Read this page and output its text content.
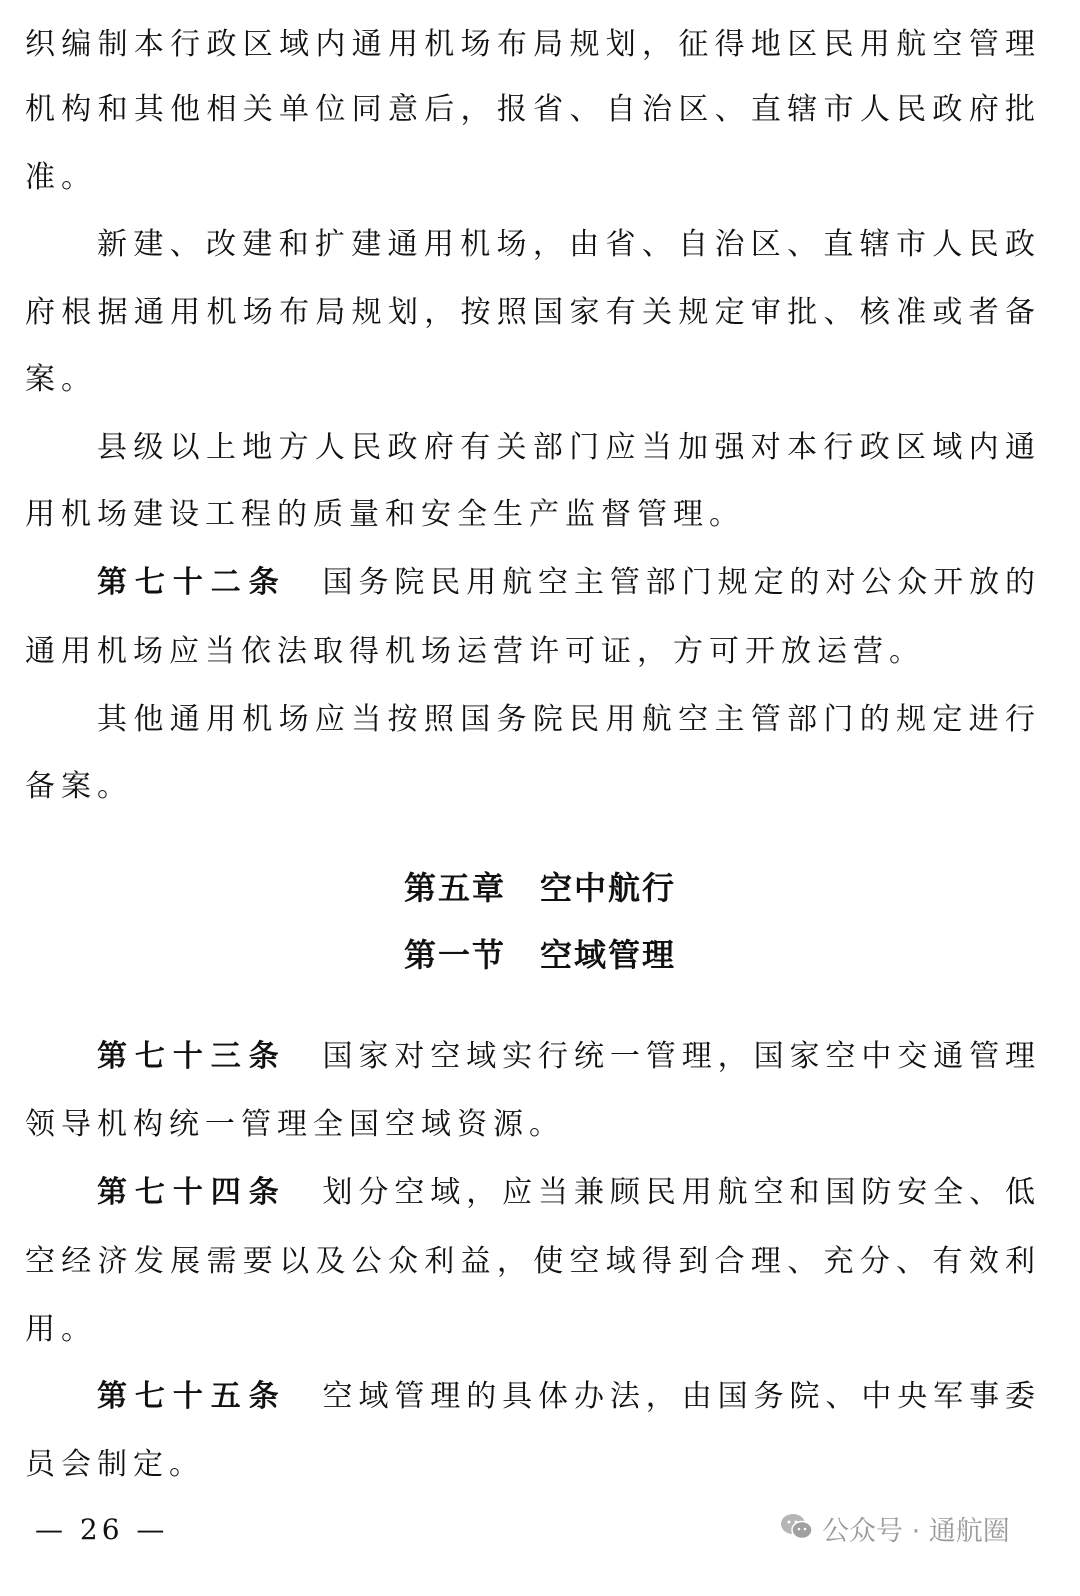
织编制本行政区域内通用机场布局规划，征得地区民用航空管理
机构和其他相关单位同意后，报省、自治区、直辖市人民政府批
准。
新建、改建和扩建通用机场，由省、自治区、直辖市人民政
府根据通用机场布局规划，按照国家有关规定审批、核准或者备
案。
县级以上地方人民政府有关部门应当加强对本行政区域内通
用机场建设工程的质量和安全生产监督管理。
第七十二条　 国务院民用航空主管部门规定的对公众开放的
通用机场应当依法取得机场运营许可证，方可开放运营。
其他通用机场应当按照国务院民用航空主管部门的规定进行
备案。
第五章　空中航行
第一节　空域管理
第七十三条　 国家对空域实行统一管理，国家空中交通管理
领导机构统一管理全国空域资源。
第七十四条　 划分空域，应当兼顾民用航空和国防安全、低
空经济发展需要以及公众利益，使空域得到合理、充分、有效利
用。
第七十五条　 空域管理的具体办法，由国务院、中央军事委
员会制定。
— 26 —	公众号 · 通航圈
